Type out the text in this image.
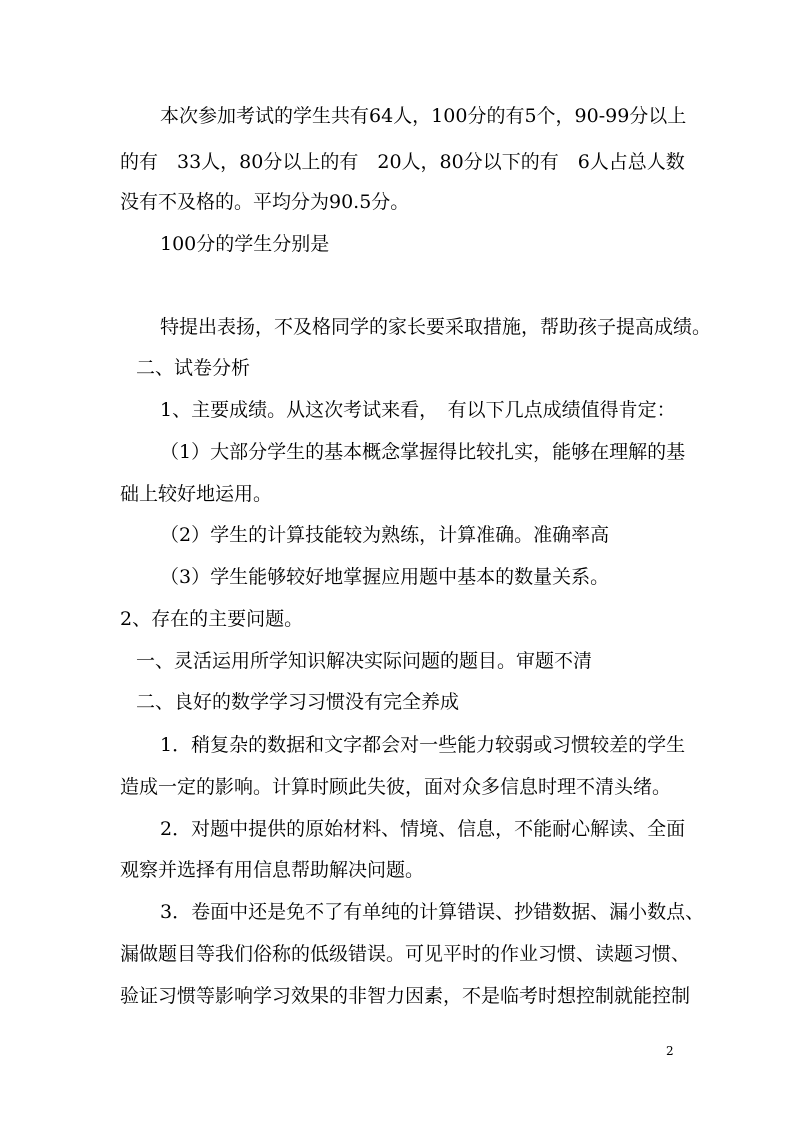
本次参加考试的学生共有64人，100分的有5个，90-99分以上

的有　33人，80分以上的有　20人，80分以下的有　6人占总人数

没有不及格的。平均分为90.5分。

100分的学生分别是

特提出表扬，不及格同学的家长要采取措施，帮助孩子提高成绩。

二、试卷分析

1、主要成绩。从这次考试来看，　有以下几点成绩值得肯定：

（1）大部分学生的基本概念掌握得比较扎实，能够在理解的基

础上较好地运用。

（2）学生的计算技能较为熟练，计算准确。准确率高

（3）学生能够较好地掌握应用题中基本的数量关系。

2、存在的主要问题。

一、灵活运用所学知识解决实际问题的题目。审题不清

二、良好的数学学习习惯没有完全养成

1．稍复杂的数据和文字都会对一些能力较弱或习惯较差的学生

造成一定的影响。计算时顾此失彼，面对众多信息时理不清头绪。

2．对题中提供的原始材料、情境、信息，不能耐心解读、全面

观察并选择有用信息帮助解决问题。

3．卷面中还是免不了有单纯的计算错误、抄错数据、漏小数点、

漏做题目等我们俗称的低级错误。可见平时的作业习惯、读题习惯、

验证习惯等影响学习效果的非智力因素，不是临考时想控制就能控制

2
